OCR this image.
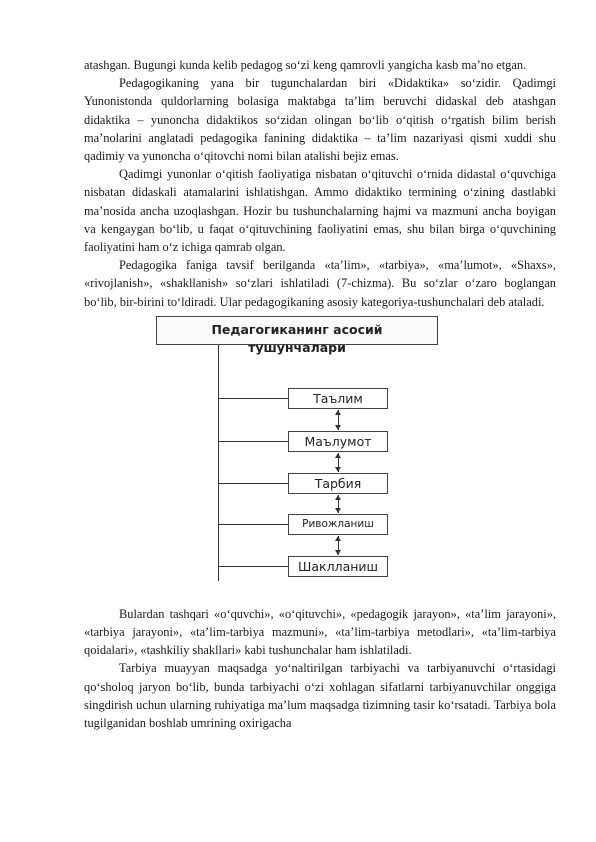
atashgan. Bugungi kunda kelib pedagog so‘zi keng qamrovli yangicha kasb ma’no etgan.

Pedagogikaning yana bir tugunchalardan biri «Didaktika» so‘zidir. Qadimgi Yunonistonda quldorlarning bolasiga maktabga ta’lim beruvchi didaskal deb atashgan didaktika – yunoncha didaktikos so‘zidan olingan bo‘lib o‘qitish o‘rgatish bilim berish ma’nolarini anglatadi pedagogika fanining didaktika – ta’lim nazariyasi qismi xuddi shu qadimiy va yunoncha o‘qitovchi nomi bilan atalishi bejiz emas.

Qadimgi yunonlar o‘qitish faoliyatiga nisbatan o‘qituvchi o‘rnida didastal o‘quvchiga nisbatan didaskali atamalarini ishlatishgan. Ammo didaktiko termining o‘zining dastlabki ma’nosida ancha uzoqlashgan. Hozir bu tushunchalarning hajmi va mazmuni ancha boyigan va kengaygan bo‘lib, u faqat o‘qituvchining faoliyatini emas, shu bilan birga o‘quvchining faoliyatini ham o‘z ichiga qamrab olgan.

Pedagogika faniga tavsif berilganda «ta’lim», «tarbiya», «ma’lumot», «Shaxs», «rivojlanish», «shakllanish» so‘zlari ishlatiladi (7-chizma). Bu so‘zlar o‘zaro boglangan bo‘lib, bir-birini to‘ldiradi. Ular pedagogikaning asosiy kategoriya-tushunchalari deb ataladi.

Педагогиканинг асосий
тушунчалари
Таълим
Маълумот
Тарбия
Ривожланиш
Шаклланиш

Bulardan tashqari «o‘quvchi», «o‘qituvchi», «pedagogik jarayon», «ta’lim jarayoni», «tarbiya jarayoni», «ta’lim-tarbiya mazmuni», «ta’lim-tarbiya metodlari», «ta’lim-tarbiya qoidalari», «tashkiliy shakllari» kabi tushunchalar ham ishlatiladi.

Tarbiya muayyan maqsadga yo‘naltirilgan tarbiyachi va tarbiyanuvchi o‘rtasidagi qo‘sholoq jaryon bo‘lib, bunda tarbiyachi o‘zi xohlagan sifatlarni tarbiyanuvchilar onggiga singdirish uchun ularning ruhiyatiga ma’lum maqsadga tizimning tasir ko‘rsatadi. Tarbiya bola tugilganidan boshlab umrining oxirigacha
